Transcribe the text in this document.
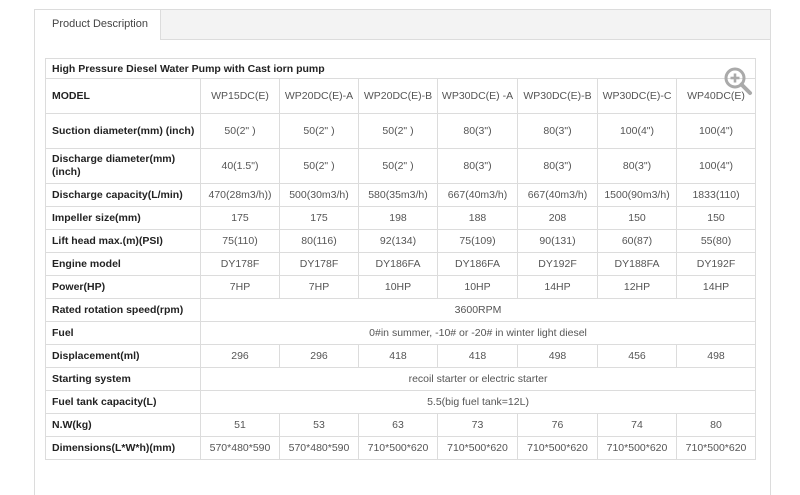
Product Description
High Pressure Diesel Water Pump with Cast iorn pump							
MODEL	WP15DC(E)	WP20DC(E)-A	WP20DC(E)-B	WP30DC(E) -A	WP30DC(E)-B	WP30DC(E)-C	WP40DC(E)
Suction diameter(mm) (inch)	50(2" )	50(2" )	50(2" )	80(3")	80(3")	100(4")	100(4")
Discharge diameter(mm) (inch)	40(1.5")	50(2" )	50(2" )	80(3")	80(3")	80(3")	100(4")
Discharge capacity(L/min)	470(28m3/h))	500(30m3/h)	580(35m3/h)	667(40m3/h)	667(40m3/h)	1500(90m3/h)	1833(110)
Impeller size(mm)	175	175	198	188	208	150	150
Lift head max.(m)(PSI)	75(110)	80(116)	92(134)	75(109)	90(131)	60(87)	55(80)
Engine model	DY178F	DY178F	DY186FA	DY186FA	DY192F	DY188FA	DY192F
Power(HP)	7HP	7HP	10HP	10HP	14HP	12HP	14HP
Rated rotation speed(rpm)	3600RPM						
Fuel	0#in summer, -10# or -20# in winter light diesel						
Displacement(ml)	296	296	418	418	498	456	498
Starting system	recoil starter or electric starter						
Fuel tank capacity(L)	5.5(big fuel tank=12L)						
N.W(kg)	51	53	63	73	76	74	80
Dimensions(L*W*h)(mm)	570*480*590	570*480*590	710*500*620	710*500*620	710*500*620	710*500*620	710*500*620
